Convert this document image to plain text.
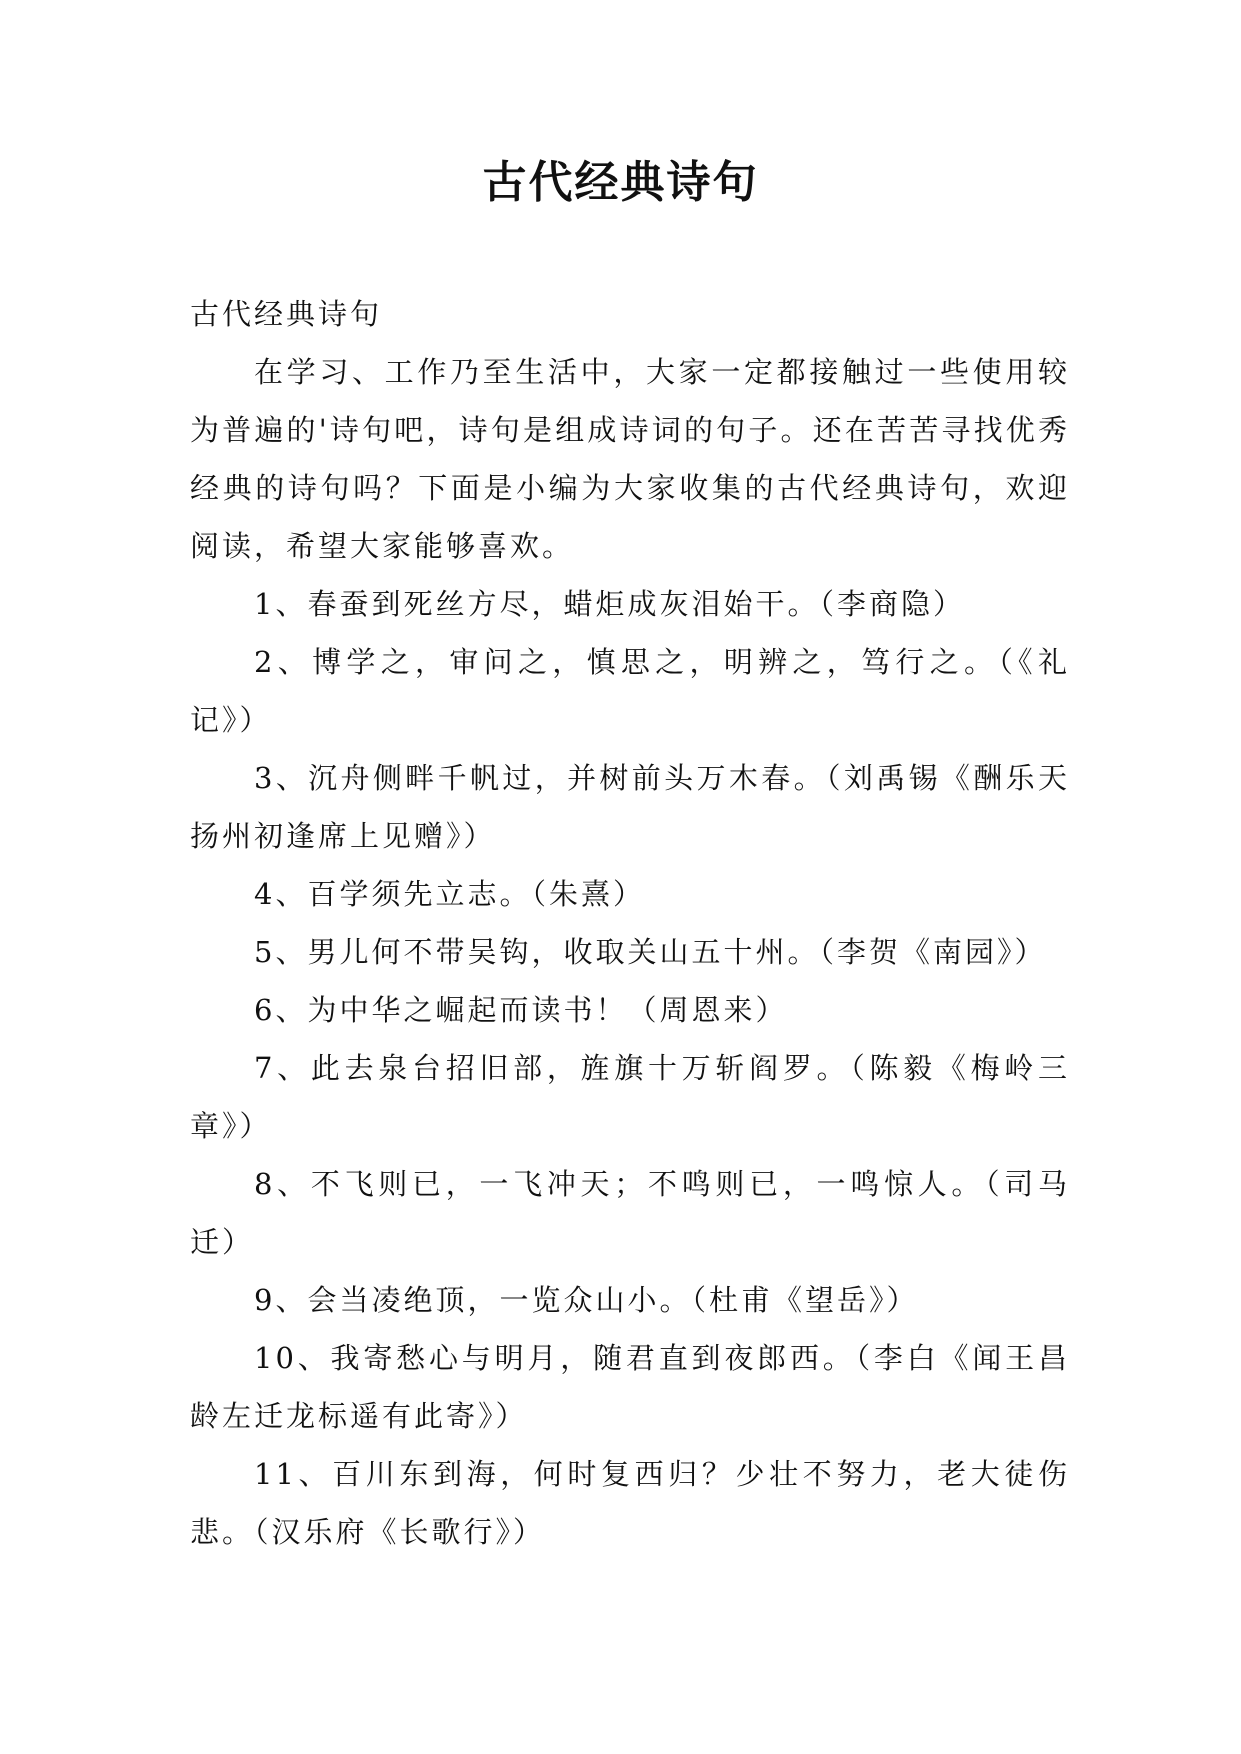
古代经典诗句

古代经典诗句

在学习、工作乃至生活中，大家一定都接触过一些使用较为普遍的'诗句吧，诗句是组成诗词的句子。还在苦苦寻找优秀经典的诗句吗？下面是小编为大家收集的古代经典诗句，欢迎阅读，希望大家能够喜欢。

1、春蚕到死丝方尽，蜡炬成灰泪始干。（李商隐）

2、博学之，审问之，慎思之，明辨之，笃行之。（《礼记》）

3、沉舟侧畔千帆过，并树前头万木春。（刘禹锡《酬乐天扬州初逢席上见赠》）

4、百学须先立志。（朱熹）

5、男儿何不带吴钩，收取关山五十州。（李贺《南园》）

6、为中华之崛起而读书！（周恩来）

7、此去泉台招旧部，旌旗十万斩阎罗。（陈毅《梅岭三章》）

8、不飞则已，一飞冲天；不鸣则已，一鸣惊人。（司马迁）

9、会当凌绝顶，一览众山小。（杜甫《望岳》）

10、我寄愁心与明月，随君直到夜郎西。（李白《闻王昌龄左迁龙标遥有此寄》）

11、百川东到海，何时复西归？少壮不努力，老大徒伤悲。（汉乐府《长歌行》）
